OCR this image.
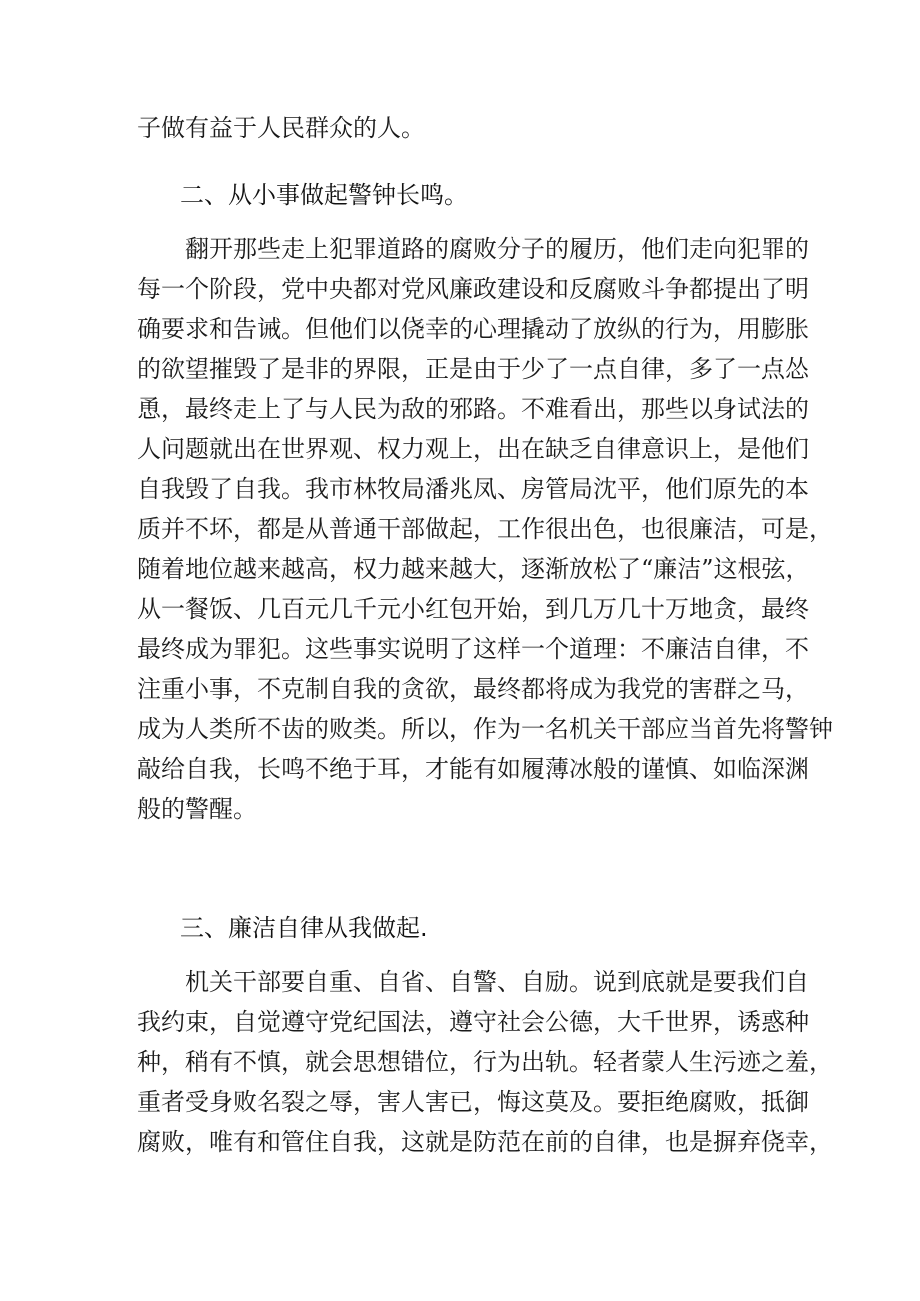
子做有益于人民群众的人。
二、从小事做起警钟长鸣。
翻开那些走上犯罪道路的腐败分子的履历，他们走向犯罪的
每一个阶段，党中央都对党风廉政建设和反腐败斗争都提出了明
确要求和告诫。但他们以侥幸的心理撬动了放纵的行为，用膨胀
的欲望摧毁了是非的界限，正是由于少了一点自律，多了一点怂
恿，最终走上了与人民为敌的邪路。不难看出，那些以身试法的
人问题就出在世界观、权力观上，出在缺乏自律意识上，是他们
自我毁了自我。我市林牧局潘兆凤、房管局沈平，他们原先的本
质并不坏，都是从普通干部做起，工作很出色，也很廉洁，可是，
随着地位越来越高，权力越来越大，逐渐放松了“廉洁”这根弦，
从一餐饭、几百元几千元小红包开始，到几万几十万地贪，最终
最终成为罪犯。这些事实说明了这样一个道理：不廉洁自律，不
注重小事，不克制自我的贪欲，最终都将成为我党的害群之马，
成为人类所不齿的败类。所以，作为一名机关干部应当首先将警钟
敲给自我，长鸣不绝于耳，才能有如履薄冰般的谨慎、如临深渊
般的警醒。
三、廉洁自律从我做起.
机关干部要自重、自省、自警、自励。说到底就是要我们自
我约束，自觉遵守党纪国法，遵守社会公德，大千世界，诱惑种
种，稍有不慎，就会思想错位，行为出轨。轻者蒙人生污迹之羞，
重者受身败名裂之辱，害人害已，悔这莫及。要拒绝腐败，抵御
腐败，唯有和管住自我，这就是防范在前的自律，也是摒弃侥幸，
